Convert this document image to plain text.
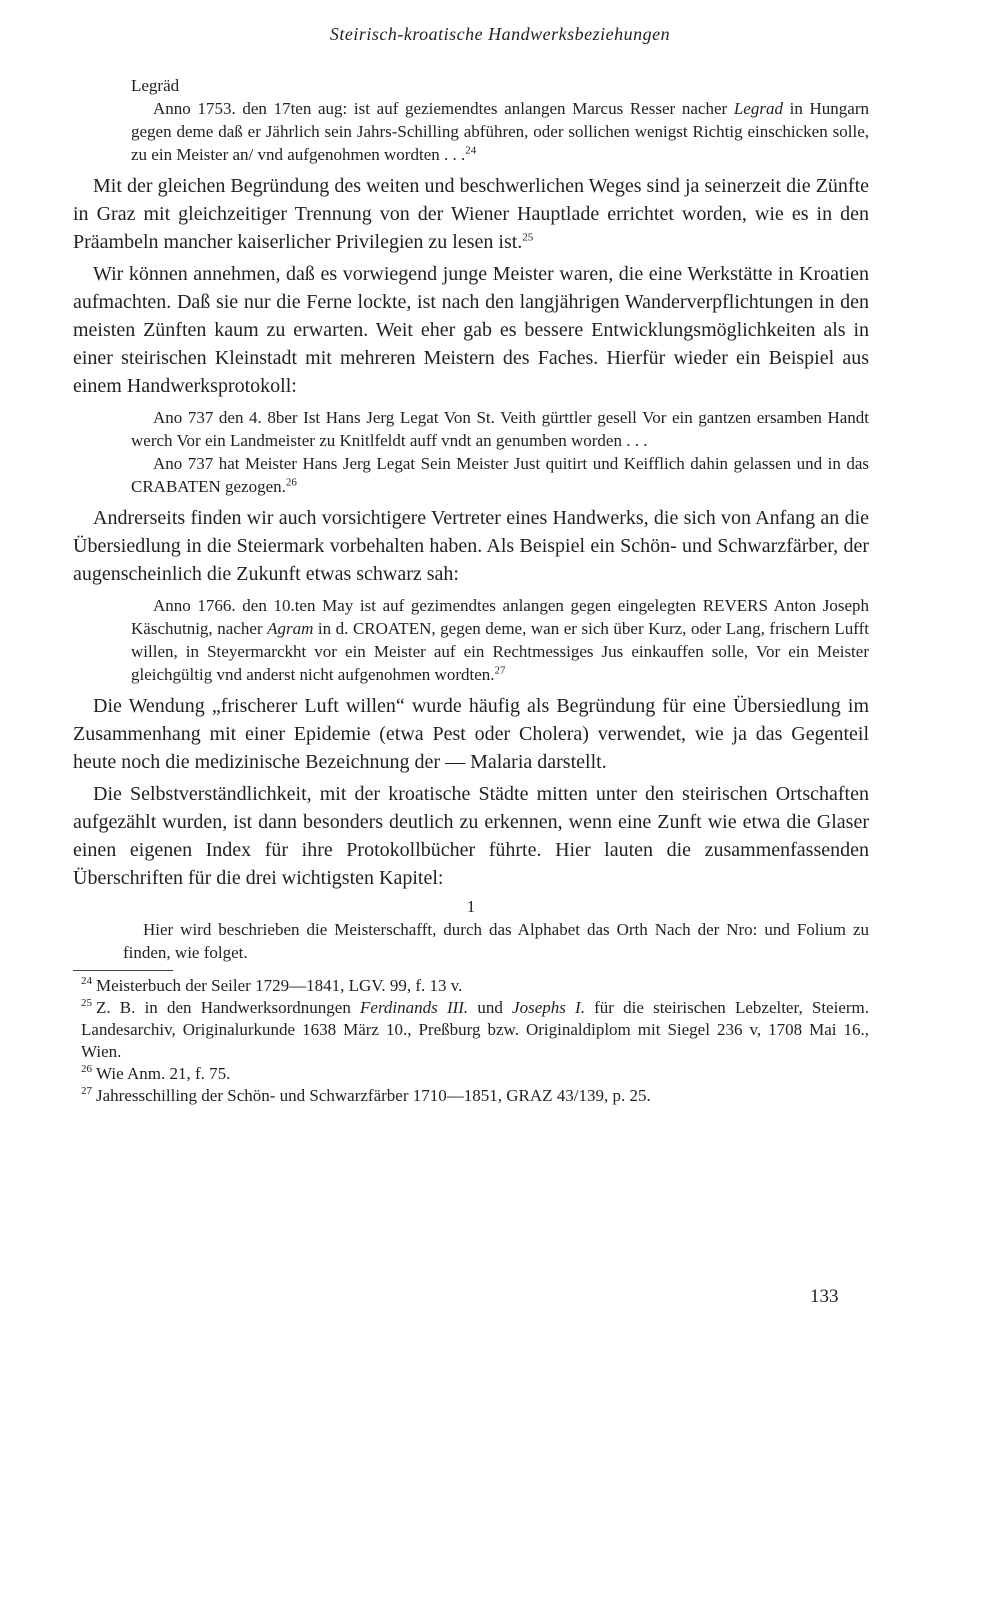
Steirisch-kroatische Handwerksbeziehungen

Legräd
Anno 1753. den 17ten aug: ist auf geziemendtes anlangen Marcus Resser nacher Legrad in Hungarn gegen deme daß er Jährlich sein Jahrs-Schilling abführen, oder sollichen wenigst Richtig einschicken solle, zu ein Meister an/ vnd aufgenohmen wordten . . .$^{24}$

Mit der gleichen Begründung des weiten und beschwerlichen Weges sind ja seinerzeit die Zünfte in Graz mit gleichzeitiger Trennung von der Wiener Hauptlade errichtet worden, wie es in den Präambeln mancher kaiserlicher Privilegien zu lesen ist.$^{25}$

Wir können annehmen, daß es vorwiegend junge Meister waren, die eine Werkstätte in Kroatien aufmachten. Daß sie nur die Ferne lockte, ist nach den langjährigen Wanderverpflichtungen in den meisten Zünften kaum zu erwarten. Weit eher gab es bessere Entwicklungsmöglichkeiten als in einer steirischen Kleinstadt mit mehreren Meistern des Faches. Hierfür wieder ein Beispiel aus einem Handwerksprotokoll:

Ano 737 den 4. 8ber Ist Hans Jerg Legat Von St. Veith gürttler gesell Vor ein gantzen ersamben Handt werch Vor ein Landmeister zu Knitlfeldt auff vndt an genumben worden . . .
Ano 737 hat Meister Hans Jerg Legat Sein Meister Just quitirt und Keifflich dahin gelassen und in das CRABATEN gezogen.$^{26}$

Andrerseits finden wir auch vorsichtigere Vertreter eines Handwerks, die sich von Anfang an die Übersiedlung in die Steiermark vorbehalten haben. Als Beispiel ein Schön- und Schwarzfärber, der augenscheinlich die Zukunft etwas schwarz sah:

Anno 1766. den 10.ten May ist auf gezimendtes anlangen gegen eingelegten REVERS Anton Joseph Käschutnig, nacher Agram in d. CROATEN, gegen deme, wan er sich über Kurz, oder Lang, frischern Lufft willen, in Steyermarckht vor ein Meister auf ein Rechtmessiges Jus einkauffen solle, Vor ein Meister gleichgültig vnd anderst nicht aufgenohmen wordten.$^{27}$

Die Wendung „frischerer Luft willen“ wurde häufig als Begründung für eine Übersiedlung im Zusammenhang mit einer Epidemie (etwa Pest oder Cholera) verwendet, wie ja das Gegenteil heute noch die medizinische Bezeichnung der — Malaria darstellt.

Die Selbstverständlichkeit, mit der kroatische Städte mitten unter den steirischen Ortschaften aufgezählt wurden, ist dann besonders deutlich zu erkennen, wenn eine Zunft wie etwa die Glaser einen eigenen Index für ihre Protokollbücher führte. Hier lauten die zusammenfassenden Überschriften für die drei wichtigsten Kapitel:

1

Hier wird beschrieben die Meisterschafft, durch das Alphabet das Orth Nach der Nro: und Folium zu finden, wie folget.

$^{24}$ Meisterbuch der Seiler 1729—1841, LGV. 99, f. 13 v.

$^{25}$ Z. B. in den Handwerksordnungen Ferdinands III. und Josephs I. für die steirischen Lebzelter, Steierm. Landesarchiv, Originalurkunde 1638 März 10., Preßburg bzw. Originaldiplom mit Siegel 236 v, 1708 Mai 16., Wien.

$^{26}$ Wie Anm. 21, f. 75.

$^{27}$ Jahresschilling der Schön- und Schwarzfärber 1710—1851, GRAZ 43/139, p. 25.

133
